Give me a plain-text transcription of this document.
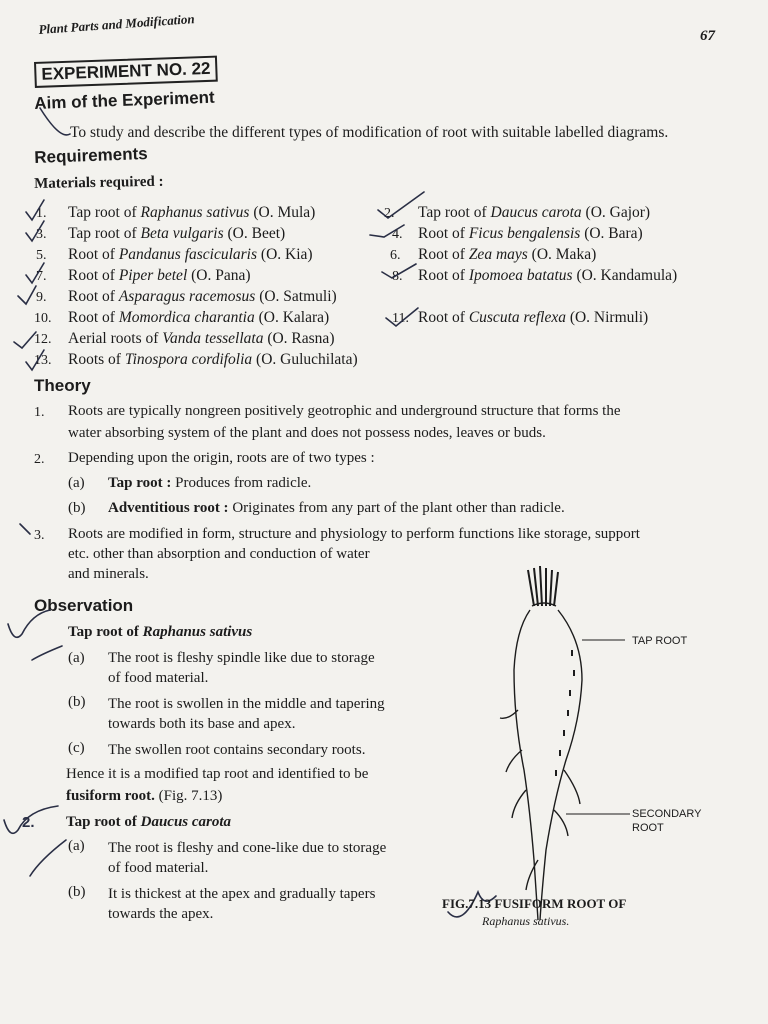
Plant Parts and Modification	67
EXPERIMENT NO. 22
Aim of the Experiment
To study and describe the different types of modification of root with suitable labelled diagrams.
Requirements
Materials required :
1. Tap root of Raphanus sativus (O. Mula)	2. Tap root of Daucus carota (O. Gajor)
3. Tap root of Beta vulgaris (O. Beet)	4. Root of Ficus bengalensis (O. Bara)
5. Root of Pandanus fascicularis (O. Kia)	6. Root of Zea mays (O. Maka)
7. Root of Piper betel (O. Pana)	8. Root of Ipomoea batatus (O. Kandamula)
9. Root of Asparagus racemosus (O. Satmuli)
10. Root of Momordica charantia (O. Kalara)	11. Root of Cuscuta reflexa (O. Nirmuli)
12. Aerial roots of Vanda tessellata (O. Rasna)
13. Roots of Tinospora cordifolia (O. Guluchilata)
Theory
1. Roots are typically nongreen positively geotrophic and underground structure that forms the
water absorbing system of the plant and does not possess nodes, leaves or buds.
2. Depending upon the origin, roots are of two types :
(a) Tap root : Produces from radicle.
(b) Adventitious root : Originates from any part of the plant other than radicle.
3. Roots are modified in form, structure and physiology to perform functions like storage, support
etc. other than absorption and conduction of water
and minerals.
Observation
Tap root of Raphanus sativus
(a) The root is fleshy spindle like due to storage
of food material.
(b) The root is swollen in the middle and tapering
towards both its base and apex.
(c) The swollen root contains secondary roots.
Hence it is a modified tap root and identified to be
fusiform root. (Fig. 7.13)
2. Tap root of Daucus carota
(a) The root is fleshy and cone-like due to storage
of food material.
(b) It is thickest at the apex and gradually tapers
towards the apex.
TAP ROOT
SECONDARY
ROOT
FIG.7.13 FUSIFORM ROOT OF
Raphanus sativus.
